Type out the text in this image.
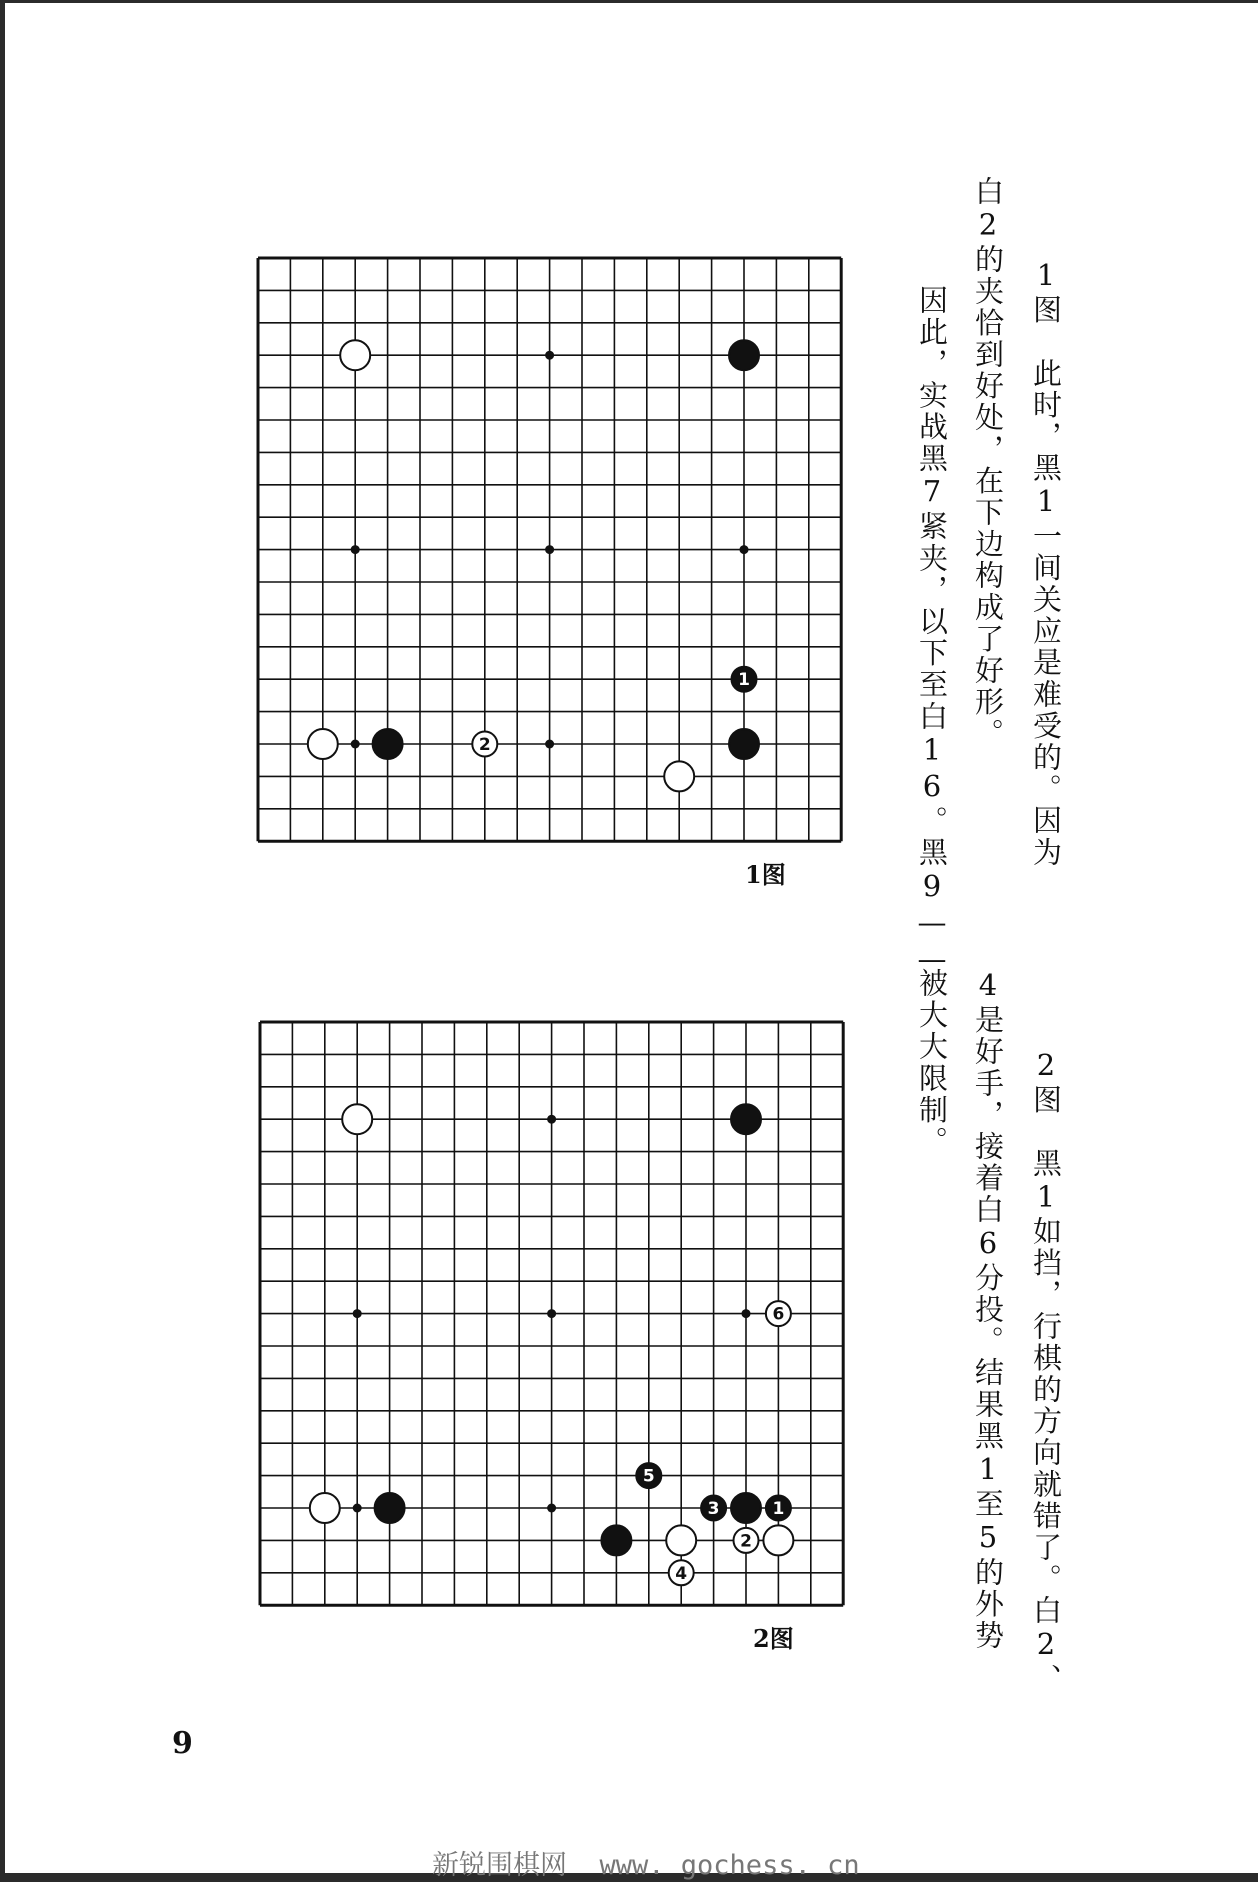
1
2
1图
6
5
3	1
2
4
2图
1图　此时，黑1一间关应是难受的。因为
白2的夹恰到好处，在下边构成了好形。
因此，实战黑7紧夹，以下至白16。黑9——
2图　黑1如挡，行棋的方向就错了。白2、
4是好手，接着白6分投。结果黑1至5的外势
被大大限制。
9
新锐围棋网  www. gochess. cn
